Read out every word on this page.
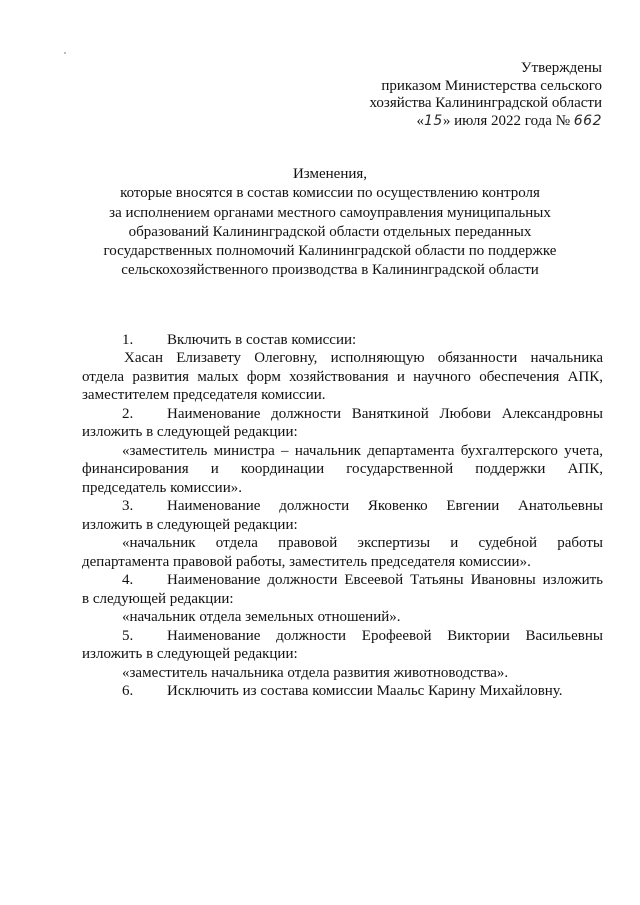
Утверждены
приказом Министерства сельского
хозяйства Калининградской области
«15» июля 2022 года № 662
Изменения,
которые вносятся в состав комиссии по осуществлению контроля
за исполнением органами местного самоуправления муниципальных
образований Калининградской области отдельных переданных
государственных полномочий Калининградской области по поддержке
сельскохозяйственного производства в Калининградской области
1. Включить в состав комиссии:
Хасан Елизавету Олеговну, исполняющую обязанности начальника
отдела развития малых форм хозяйствования и научного обеспечения АПК,
заместителем председателя комиссии.
2. Наименование должности Ваняткиной Любови Александровны
изложить в следующей редакции:
«заместитель министра – начальник департамента бухгалтерского учета,
финансирования и координации государственной поддержки АПК,
председатель комиссии».
3. Наименование должности Яковенко Евгении Анатольевны
изложить в следующей редакции:
«начальник отдела правовой экспертизы и судебной работы
департамента правовой работы, заместитель председателя комиссии».
4. Наименование должности Евсеевой Татьяны Ивановны изложить
в следующей редакции:
«начальник отдела земельных отношений».
5. Наименование должности Ерофеевой Виктории Васильевны
изложить в следующей редакции:
«заместитель начальника отдела развития животноводства».
6. Исключить из состава комиссии Маальс Карину Михайловну.
